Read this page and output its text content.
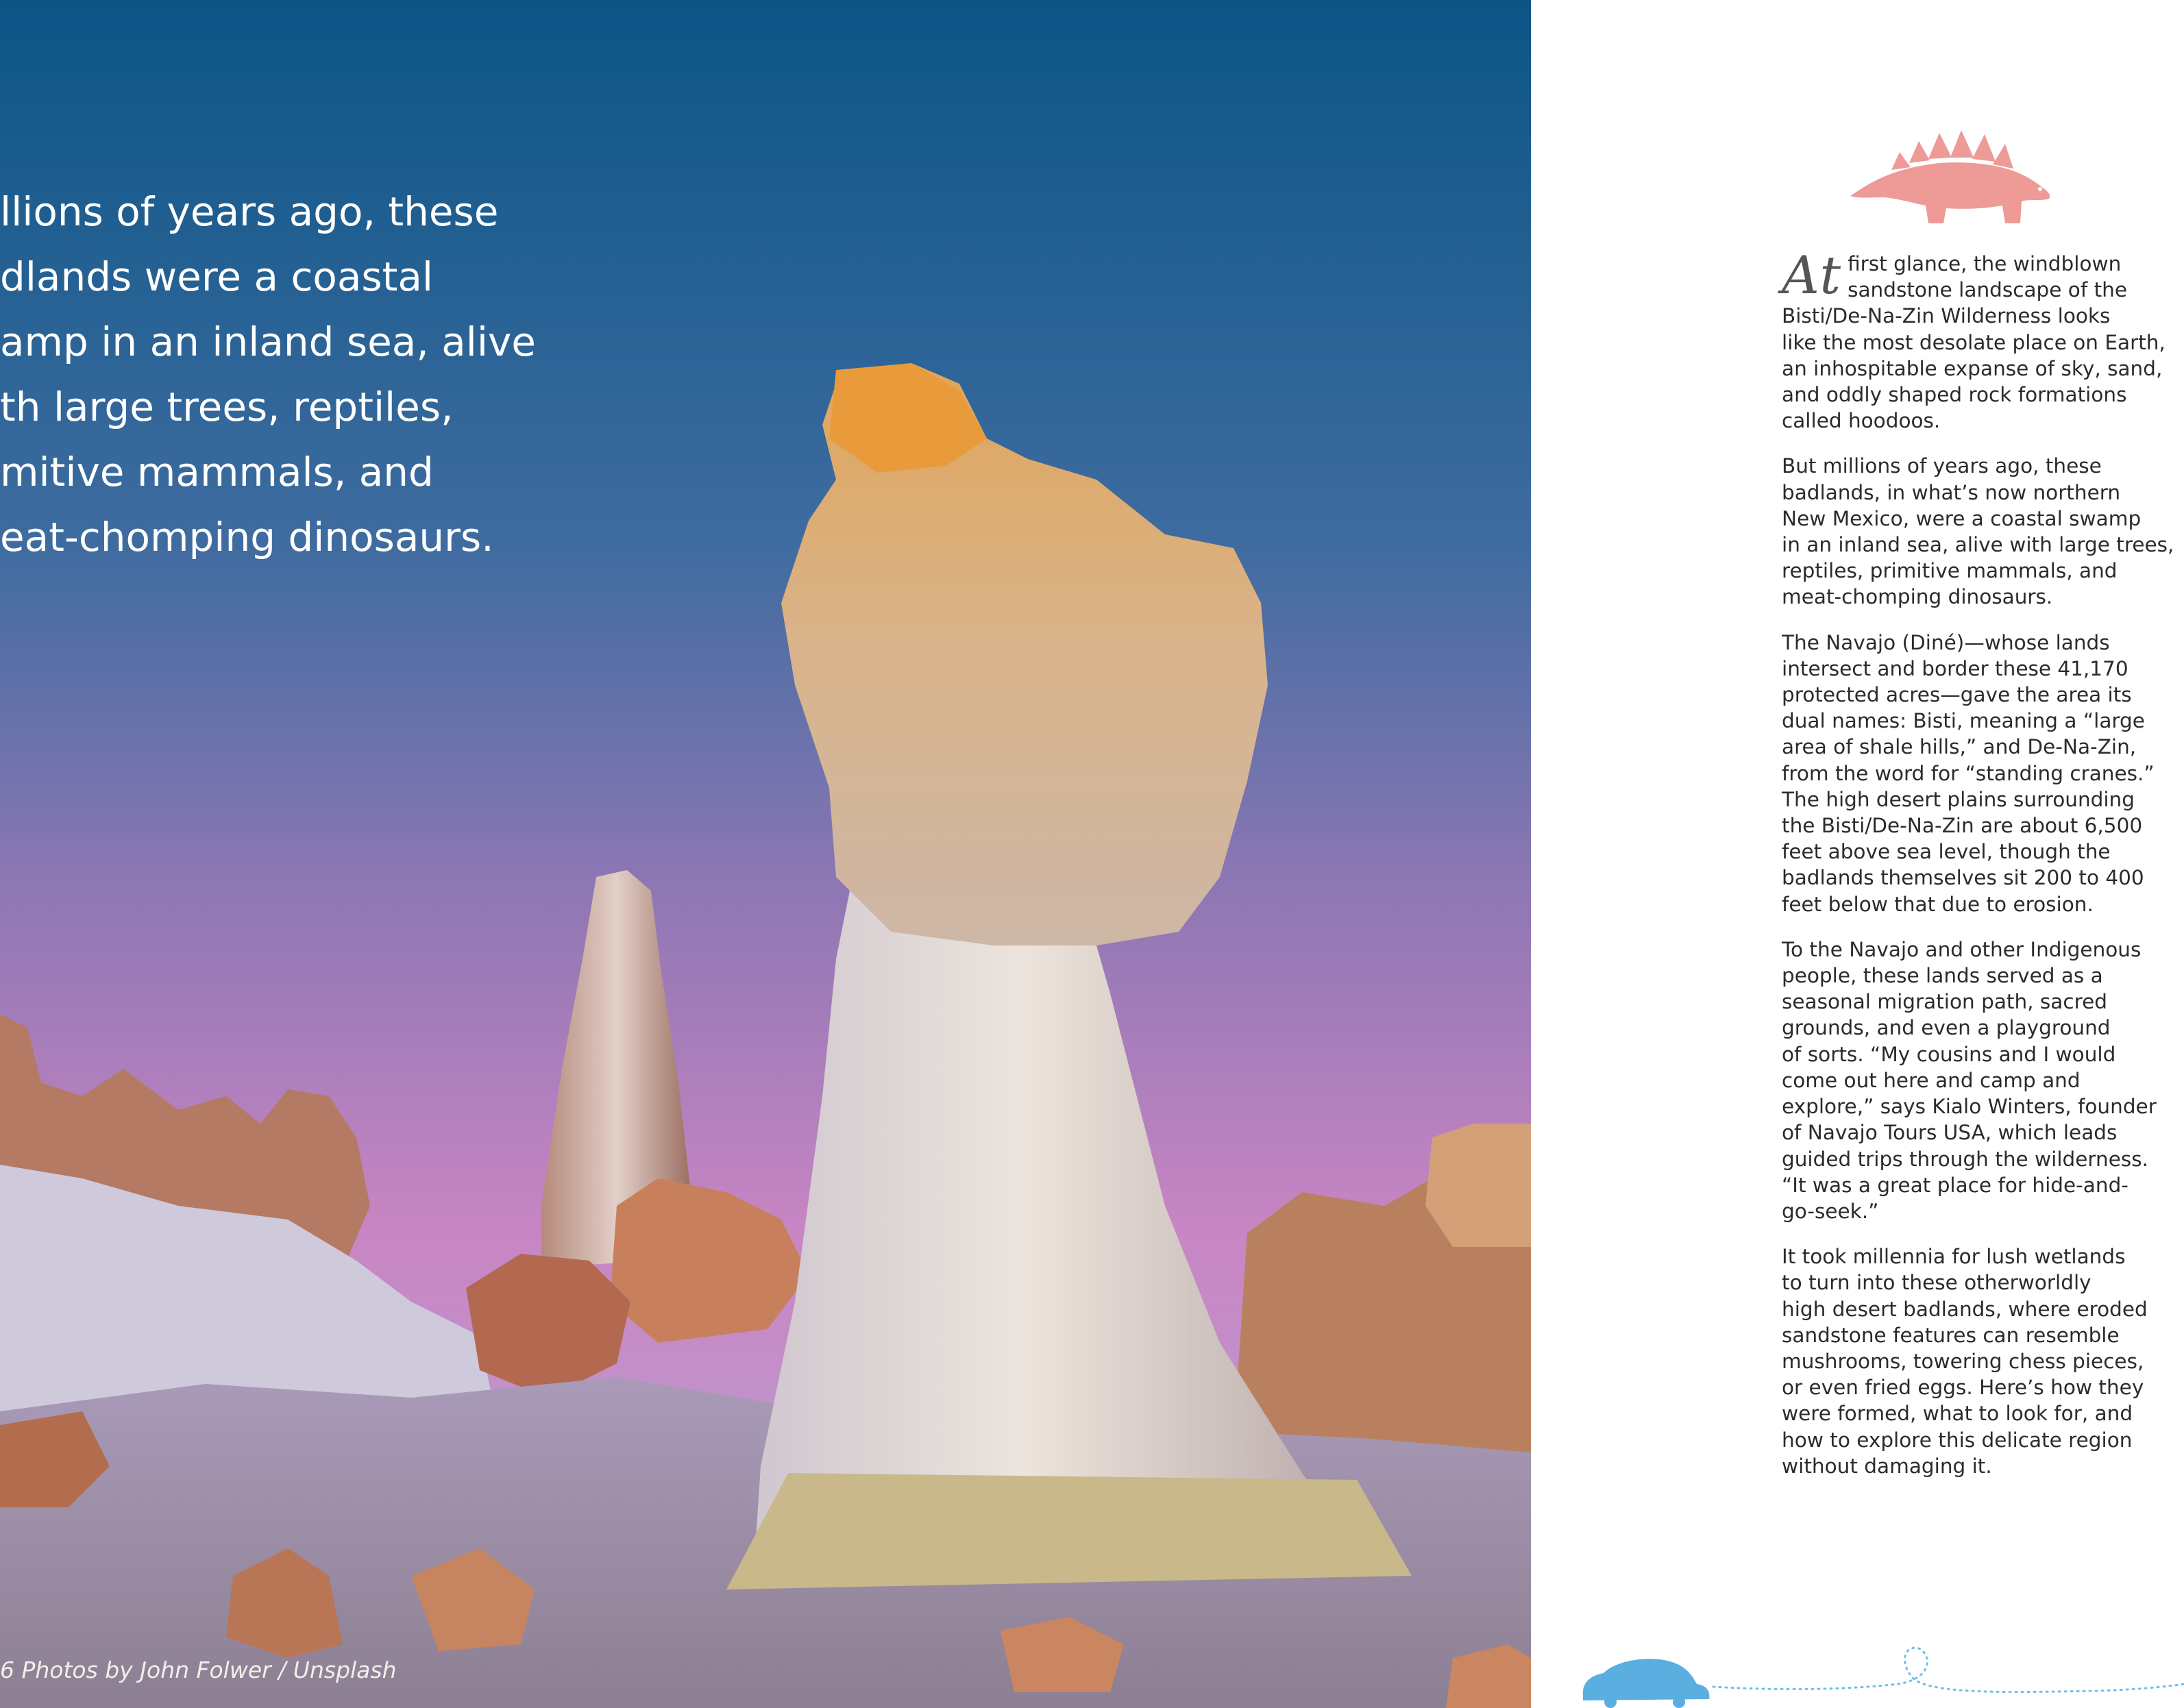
llions of years ago, these
dlands were a coastal
amp in an inland sea, alive
th large trees, reptiles,
mitive mammals, and
eat-chomping dinosaurs.

6 Photos by John Folwer / Unsplash

At first glance, the windblown
sandstone landscape of the
Bisti/De-Na-Zin Wilderness looks
like the most desolate place on Earth,
an inhospitable expanse of sky, sand,
and oddly shaped rock formations
called hoodoos.

But millions of years ago, these
badlands, in what’s now northern
New Mexico, were a coastal swamp
in an inland sea, alive with large trees,
reptiles, primitive mammals, and
meat-chomping dinosaurs.

The Navajo (Diné)—whose lands
intersect and border these 41,170
protected acres—gave the area its
dual names: Bisti, meaning a “large
area of shale hills,” and De-Na-Zin,
from the word for “standing cranes.”
The high desert plains surrounding
the Bisti/De-Na-Zin are about 6,500
feet above sea level, though the
badlands themselves sit 200 to 400
feet below that due to erosion.

To the Navajo and other Indigenous
people, these lands served as a
seasonal migration path, sacred
grounds, and even a playground
of sorts. “My cousins and I would
come out here and camp and
explore,” says Kialo Winters, founder
of Navajo Tours USA, which leads
guided trips through the wilderness.
“It was a great place for hide-and-
go-seek.”

It took millennia for lush wetlands
to turn into these otherworldly
high desert badlands, where eroded
sandstone features can resemble
mushrooms, towering chess pieces,
or even fried eggs. Here’s how they
were formed, what to look for, and
how to explore this delicate region
without damaging it.
